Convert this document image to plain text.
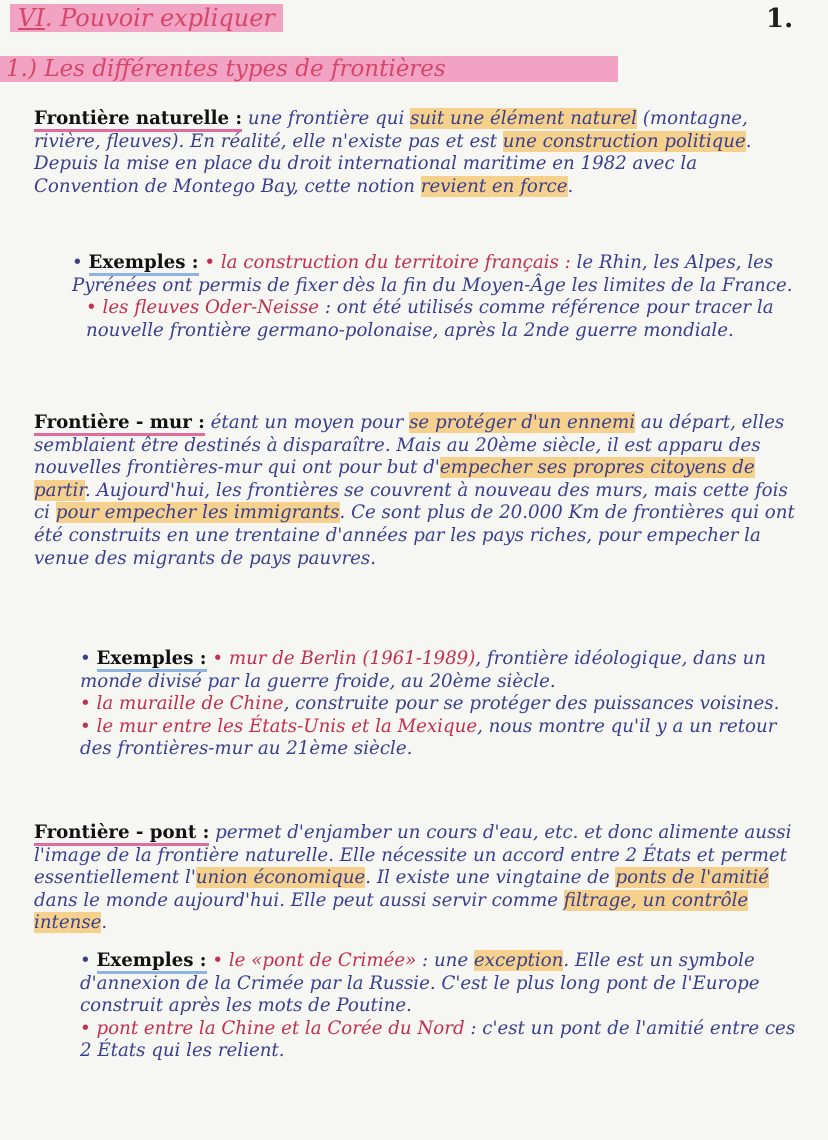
VI. Pouvoir expliquer	1.
1.) Les différentes types de frontières
Frontière naturelle : une frontière qui suit une élément naturel (montagne, rivière, fleuves). En réalité, elle n'existe pas et est une construction politique. Depuis la mise en place du droit international maritime en 1982 avec la Convention de Montego Bay, cette notion revient en force.
• Exemples : • la construction du territoire français : le Rhin, les Alpes, les Pyrénées ont permis de fixer dès la fin du Moyen-Âge les limites de la France.
• les fleuves Oder-Neisse : ont été utilisés comme référence pour tracer la nouvelle frontière germano-polonaise, après la 2nde guerre mondiale.
Frontière - mur : étant un moyen pour se protéger d'un ennemi au départ, elles semblaient être destinés à disparaître. Mais au 20ème siècle, il est apparu des nouvelles frontières-mur qui ont pour but d'empecher ses propres citoyens de partir. Aujourd'hui, les frontières se couvrent à nouveau des murs, mais cette fois ci pour empecher les immigrants. Ce sont plus de 20.000 Km de frontières qui ont été construits en une trentaine d'années par les pays riches, pour empecher la venue des migrants de pays pauvres.
• Exemples : • mur de Berlin (1961-1989), frontière idéologique, dans un monde divisé par la guerre froide, au 20ème siècle.
• la muraille de Chine, construite pour se protéger des puissances voisines.
• le mur entre les États-Unis et la Mexique, nous montre qu'il y a un retour des frontières-mur au 21ème siècle.
Frontière - pont : permet d'enjamber un cours d'eau, etc. et donc alimente aussi l'image de la frontière naturelle. Elle nécessite un accord entre 2 États et permet essentiellement l'union économique. Il existe une vingtaine de ponts de l'amitié dans le monde aujourd'hui. Elle peut aussi servir comme filtrage, un contrôle intense.
• Exemples : • le «pont de Crimée» : une exception. Elle est un symbole d'annexion de la Crimée par la Russie. C'est le plus long pont de l'Europe construit après les mots de Poutine.
• pont entre la Chine et la Corée du Nord : c'est un pont de l'amitié entre ces 2 États qui les relient.
